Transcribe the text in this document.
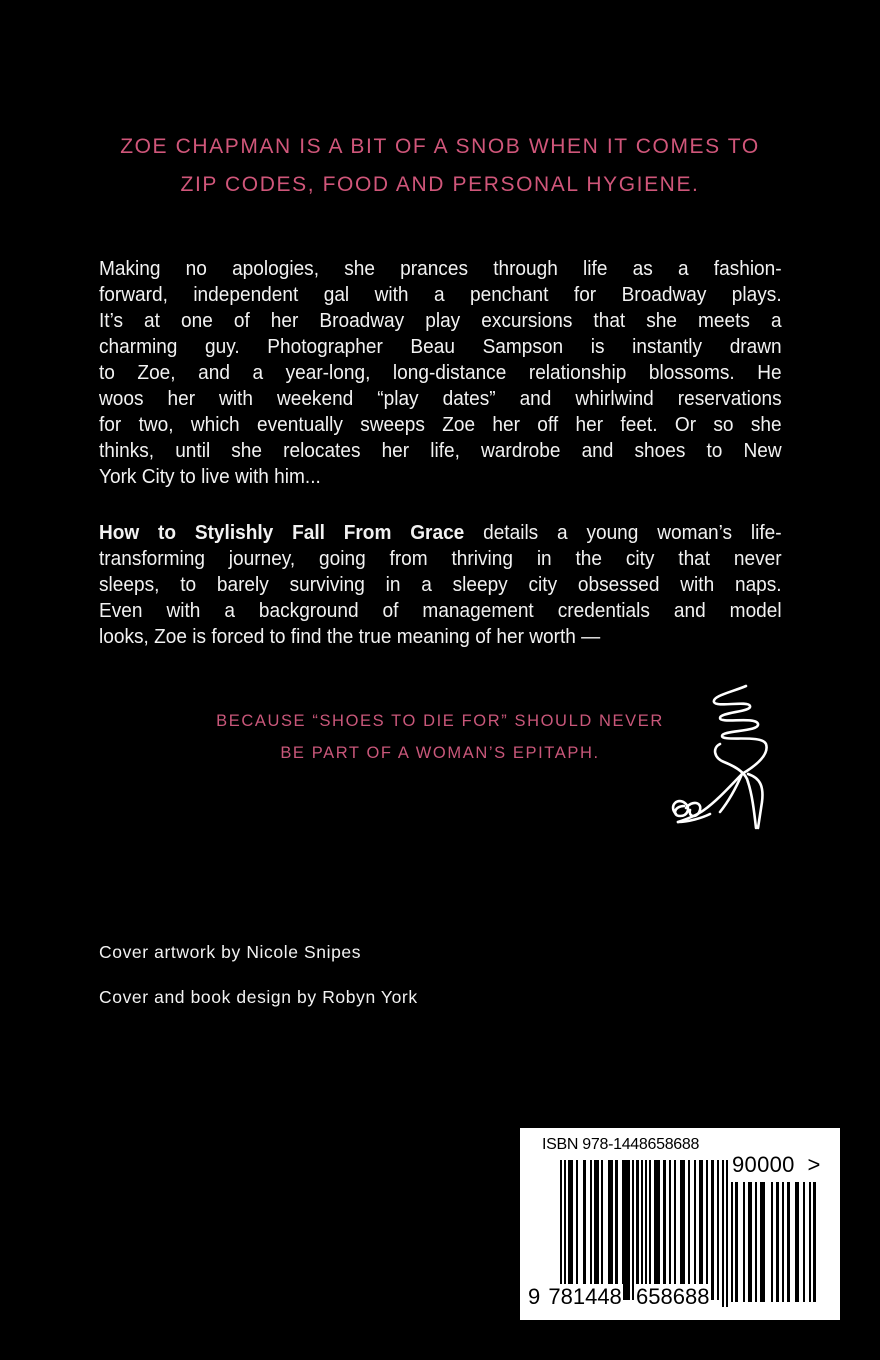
ZOE CHAPMAN IS A BIT OF A SNOB WHEN IT COMES TO
ZIP CODES, FOOD AND PERSONAL HYGIENE.
Making no apologies, she prances through life as a fashion-
forward, independent gal with a penchant for Broadway plays.
It’s at one of her Broadway play excursions that she meets a
charming guy. Photographer Beau Sampson is instantly drawn
to Zoe, and a year-long, long-distance relationship blossoms. He
woos her with weekend “play dates” and whirlwind reservations
for two, which eventually sweeps Zoe her off her feet. Or so she
thinks, until she relocates her life, wardrobe and shoes to New
York City to live with him...
How to Stylishly Fall From Grace details a young woman’s life-
transforming journey, going from thriving in the city that never
sleeps, to barely surviving in a sleepy city obsessed with naps.
Even with a background of management credentials and model
looks, Zoe is forced to find the true meaning of her worth —
BECAUSE “SHOES TO DIE FOR” SHOULD NEVER
BE PART OF A WOMAN’S EPITAPH.
Cover artwork by Nicole Snipes
Cover and book design by Robyn York
ISBN 978-1448658688
90000  >
9 781448 658688
